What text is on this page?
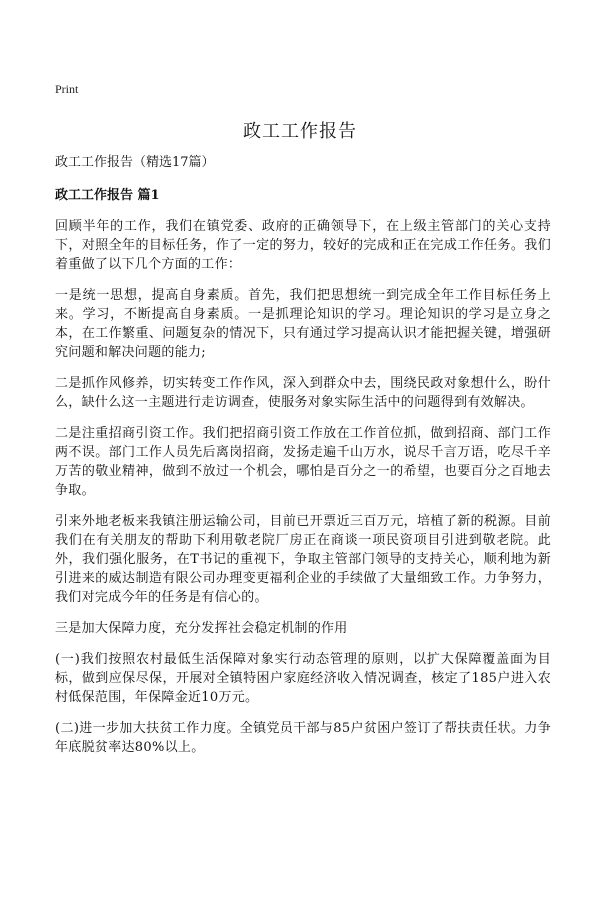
Print
政工工作报告
政工工作报告（精选17篇）
政工工作报告 篇1

回顾半年的工作，我们在镇党委、政府的正确领导下，在上级主管部门的关心支持下，对照全年的目标任务，作了一定的努力，较好的完成和正在完成工作任务。我们着重做了以下几个方面的工作：

一是统一思想，提高自身素质。首先，我们把思想统一到完成全年工作目标任务上来。学习，不断提高自身素质。一是抓理论知识的学习。理论知识的学习是立身之本，在工作繁重、问题复杂的情况下，只有通过学习提高认识才能把握关键，增强研究问题和解决问题的能力;

二是抓作风修养，切实转变工作作风，深入到群众中去，围绕民政对象想什么，盼什么，缺什么这一主题进行走访调查，使服务对象实际生活中的问题得到有效解决。

二是注重招商引资工作。我们把招商引资工作放在工作首位抓，做到招商、部门工作两不误。部门工作人员先后离岗招商，发扬走遍千山万水，说尽千言万语，吃尽千辛万苦的敬业精神，做到不放过一个机会，哪怕是百分之一的希望，也要百分之百地去争取。

引来外地老板来我镇注册运输公司，目前已开票近三百万元，培植了新的税源。目前我们在有关朋友的帮助下利用敬老院厂房正在商谈一项民资项目引进到敬老院。此外，我们强化服务，在T书记的重视下，争取主管部门领导的支持关心，顺利地为新引进来的威达制造有限公司办理变更福利企业的手续做了大量细致工作。力争努力，我们对完成今年的任务是有信心的。

三是加大保障力度，充分发挥社会稳定机制的作用

(一)我们按照农村最低生活保障对象实行动态管理的原则，以扩大保障覆盖面为目标，做到应保尽保，开展对全镇特困户家庭经济收入情况调查，核定了185户进入农村低保范围，年保障金近10万元。

(二)进一步加大扶贫工作力度。全镇党员干部与85户贫困户签订了帮扶责任状。力争年底脱贫率达80%以上。
